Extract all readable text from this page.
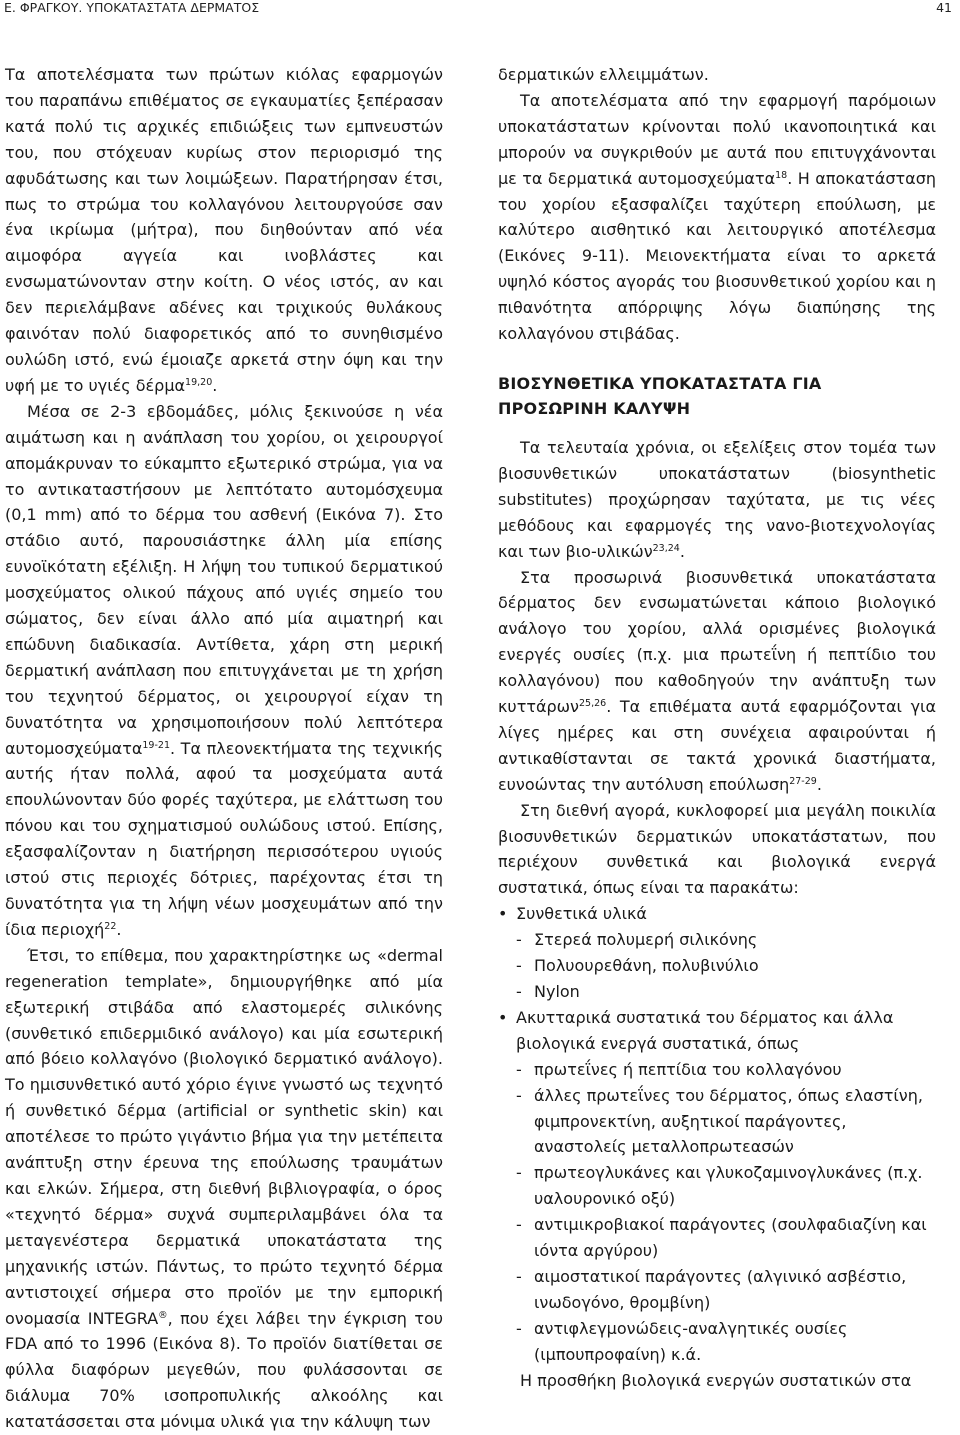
E. ΦΡΑΓΚΟΥ. ΥΠΟΚΑΤΑΣΤΑΤΑ ΔΕΡΜΑΤΟΣ	41

Τα αποτελέσματα των πρώτων κιόλας εφαρμογών του παραπάνω επιθέματος σε εγκαυματίες ξεπέρασαν κατά πολύ τις αρχικές επιδιώξεις των εμπνευστών του, που στόχευαν κυρίως στον περιορισμό της αφυδάτωσης και των λοιμώξεων. Παρατήρησαν έτσι, πως το στρώμα του κολλαγόνου λειτουργούσε σαν ένα ικρίωμα (μήτρα), που διηθούνταν από νέα αιμοφόρα αγγεία και ινοβλάστες και ενσωματώνονταν στην κοίτη. Ο νέος ιστός, αν και δεν περιελάμβανε αδένες και τριχικούς θυλάκους φαινόταν πολύ διαφορετικός από το συνηθισμένο ουλώδη ιστό, ενώ έμοιαζε αρκετά στην όψη και την υφή με το υγιές δέρμα$^{19,20}$.

Μέσα σε 2-3 εβδομάδες, μόλις ξεκινούσε η νέα αιμάτωση και η ανάπλαση του χορίου, οι χειρουργοί απομάκρυναν το εύκαμπτο εξωτερικό στρώμα, για να το αντικαταστήσουν με λεπτότατο αυτομόσχευμα (0,1 mm) από το δέρμα του ασθενή (Εικόνα 7). Στο στάδιο αυτό, παρουσιάστηκε άλλη μία επίσης ευνοϊκότατη εξέλιξη. Η λήψη του τυπικού δερματικού μοσχεύματος ολικού πάχους από υγιές σημείο του σώματος, δεν είναι άλλο από μία αιματηρή και επώδυνη διαδικασία. Αντίθετα, χάρη στη μερική δερματική ανάπλαση που επιτυγχάνεται με τη χρήση του τεχνητού δέρματος, οι χειρουργοί είχαν τη δυνατότητα να χρησιμοποιήσουν πολύ λεπτότερα αυτομοσχεύματα$^{19-21}$. Τα πλεονεκτήματα της τεχνικής αυτής ήταν πολλά, αφού τα μοσχεύματα αυτά επουλώνονταν δύο φορές ταχύτερα, με ελάττωση του πόνου και του σχηματισμού ουλώδους ιστού. Επίσης, εξασφαλίζονταν η διατήρηση περισσότερου υγιούς ιστού στις περιοχές δότριες, παρέχοντας έτσι τη δυνατότητα για τη λήψη νέων μοσχευμάτων από την ίδια περιοχή$^{22}$.

Έτσι, το επίθεμα, που χαρακτηρίστηκε ως «dermal regeneration template», δημιουργήθηκε από μία εξωτερική στιβάδα από ελαστομερές σιλικόνης (συνθετικό επιδερμιδικό ανάλογο) και μία εσωτερική από βόειο κολλαγόνο (βιολογικό δερματικό ανάλογο). Το ημισυνθετικό αυτό χόριο έγινε γνωστό ως τεχνητό ή συνθετικό δέρμα (artificial or synthetic skin) και αποτέλεσε το πρώτο γιγάντιο βήμα για την μετέπειτα ανάπτυξη στην έρευνα της επούλωσης τραυμάτων και ελκών. Σήμερα, στη διεθνή βιβλιογραφία, ο όρος «τεχνητό δέρμα» συχνά συμπεριλαμβάνει όλα τα μεταγενέστερα δερματικά υποκατάστατα της μηχανικής ιστών. Πάντως, το πρώτο τεχνητό δέρμα αντιστοιχεί σήμερα στο προϊόν με την εμπορική ονομασία INTEGRA®, που έχει λάβει την έγκριση του FDA από το 1996 (Εικόνα 8). Το προϊόν διατίθεται σε φύλλα διαφόρων μεγεθών, που φυλάσσονται σε διάλυμα 70% ισοπροπυλικής αλκοόλης και κατατάσσεται στα μόνιμα υλικά για την κάλυψη των

δερματικών ελλειμμάτων.

Τα αποτελέσματα από την εφαρμογή παρόμοιων υποκατάστατων κρίνονται πολύ ικανοποιητικά και μπορούν να συγκριθούν με αυτά που επιτυγχάνονται με τα δερματικά αυτομοσχεύματα$^{18}$. Η αποκατάσταση του χορίου εξασφαλίζει ταχύτερη επούλωση, με καλύτερο αισθητικό και λειτουργικό αποτέλεσμα (Εικόνες 9-11). Μειονεκτήματα είναι το αρκετά υψηλό κόστος αγοράς του βιοσυνθετικού χορίου και η πιθανότητα απόρριψης λόγω διαπύησης της κολλαγόνου στιβάδας.

ΒΙΟΣΥΝΘΕΤΙΚΑ ΥΠΟΚΑΤΑΣΤΑΤΑ ΓΙΑ ΠΡΟΣΩΡΙΝΗ ΚΑΛΥΨΗ

Τα τελευταία χρόνια, οι εξελίξεις στον τομέα των βιοσυνθετικών υποκατάστατων (biosynthetic substitutes) προχώρησαν ταχύτατα, με τις νέες μεθόδους και εφαρμογές της νανο-βιοτεχνολογίας και των βιο-υλικών$^{23,24}$.

Στα προσωρινά βιοσυνθετικά υποκατάστατα δέρματος δεν ενσωματώνεται κάποιο βιολογικό ανάλογο του χορίου, αλλά ορισμένες βιολογικά ενεργές ουσίες (π.χ. μια πρωτεΐνη ή πεπτίδιο του κολλαγόνου) που καθοδηγούν την ανάπτυξη των κυττάρων$^{25,26}$. Τα επιθέματα αυτά εφαρμόζονται για λίγες ημέρες και στη συνέχεια αφαιρούνται ή αντικαθίστανται σε τακτά χρονικά διαστήματα, ευνοώντας την αυτόλυση επούλωση$^{27-29}$.

Στη διεθνή αγορά, κυκλοφορεί μια μεγάλη ποικιλία βιοσυνθετικών δερματικών υποκατάστατων, που περιέχουν συνθετικά και βιολογικά ενεργά συστατικά, όπως είναι τα παρακάτω:

• Συνθετικά υλικά
- Στερεά πολυμερή σιλικόνης
- Πολυουρεθάνη, πολυβινύλιο
- Nylon
• Ακυτταρικά συστατικά του δέρματος και άλλα βιολογικά ενεργά συστατικά, όπως
- πρωτεΐνες ή πεπτίδια του κολλαγόνου
- άλλες πρωτεΐνες του δέρματος, όπως ελαστίνη, φιμπρονεκτίνη, αυξητικοί παράγοντες, αναστολείς μεταλλοπρωτεασών
- πρωτεογλυκάνες και γλυκοζαμινογλυκάνες (π.χ. υαλουρονικό οξύ)
- αντιμικροβιακοί παράγοντες (σουλφαδιαζίνη και ιόντα αργύρου)
- αιμοστατικοί παράγοντες (αλγινικό ασβέστιο, ινωδογόνο, θρομβίνη)
- αντιφλεγμονώδεις-αναλγητικές ουσίες (ιμπουπροφαίνη) κ.ά.

Η προσθήκη βιολογικά ενεργών συστατικών στα
